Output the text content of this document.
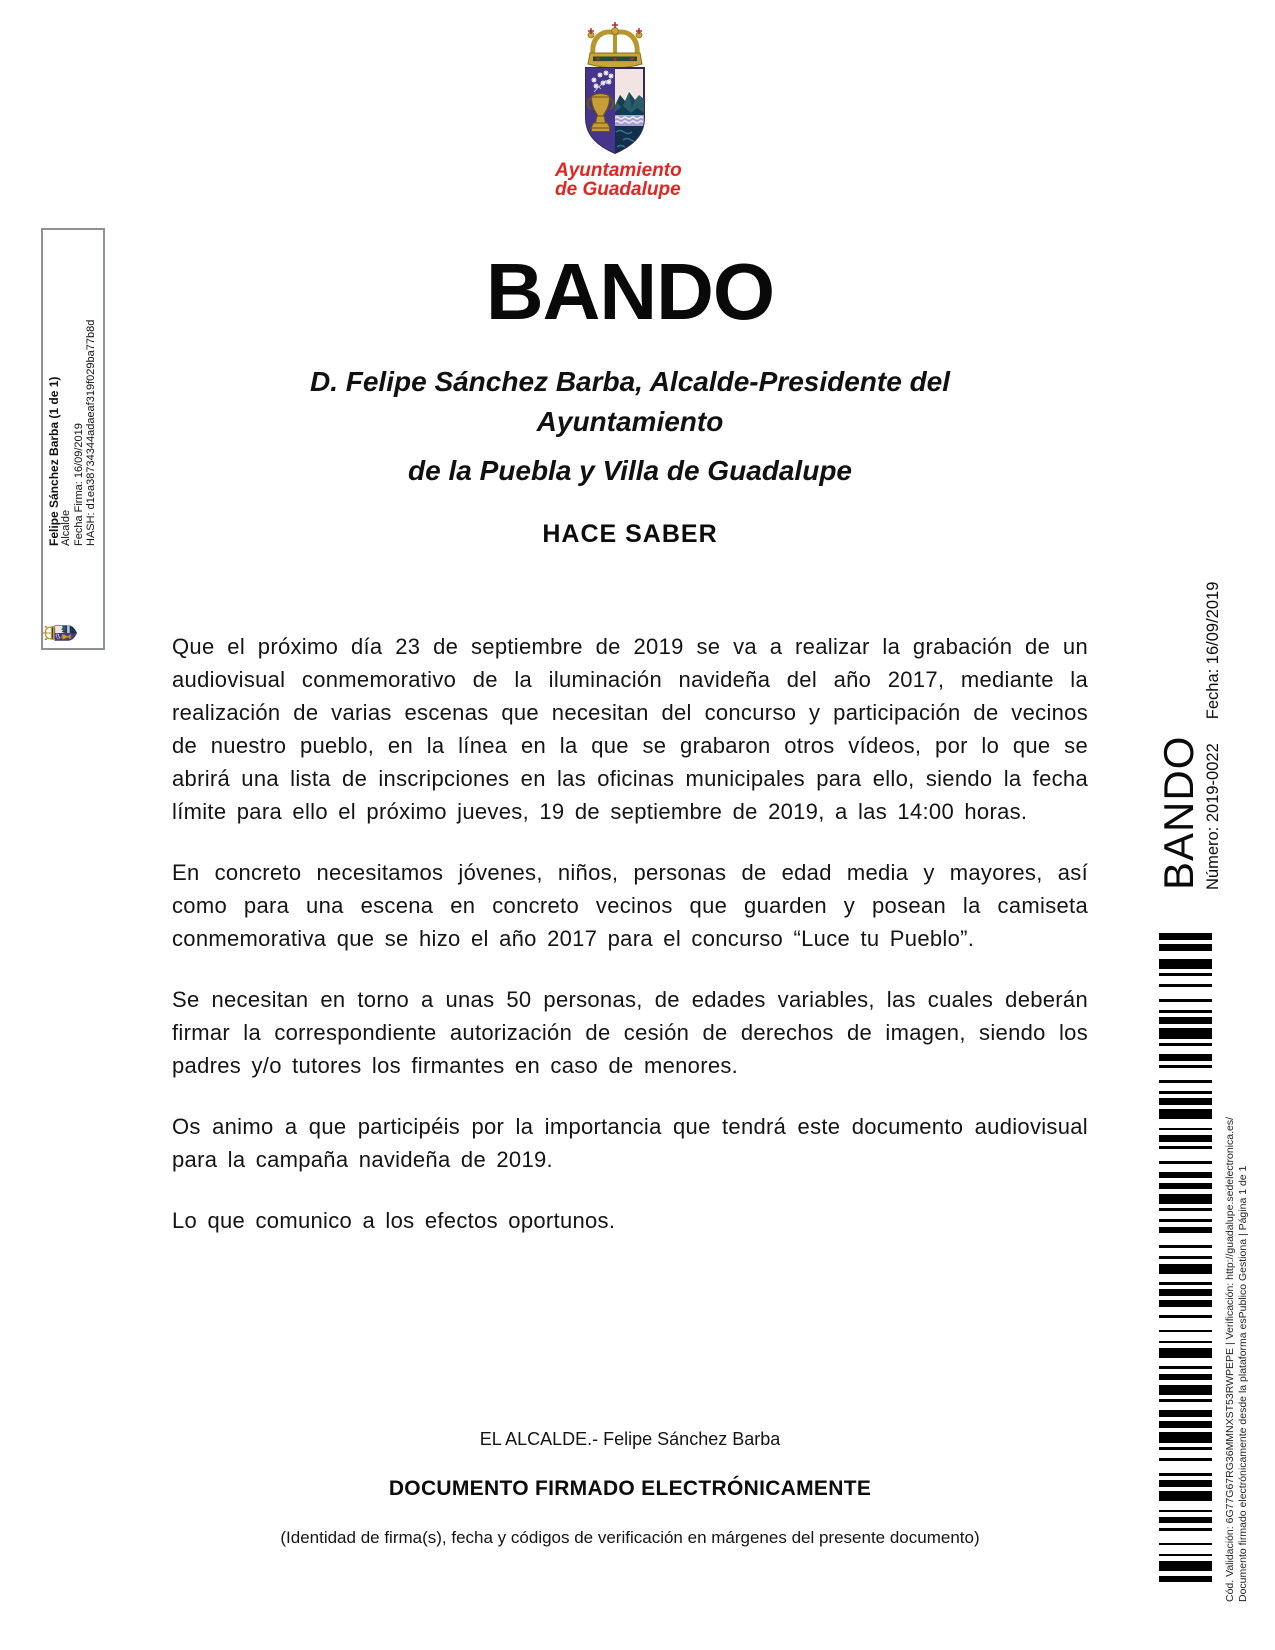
Ayuntamiento
de Guadalupe
BANDO
D. Felipe Sánchez Barba, Alcalde-Presidente del Ayuntamiento
de la Puebla y Villa de Guadalupe
HACE SABER

Que el próximo día 23 de septiembre de 2019 se va a realizar la grabación de un audiovisual conmemorativo de la iluminación navideña del año 2017, mediante la realización de varias escenas que necesitan del concurso y participación de vecinos de nuestro pueblo, en la línea en la que se grabaron otros vídeos, por lo que se abrirá una lista de inscripciones en las oficinas municipales para ello, siendo la fecha límite para ello el próximo jueves, 19 de septiembre de 2019, a las 14:00 horas.

En concreto necesitamos jóvenes, niños, personas de edad media y mayores, así como para una escena en concreto vecinos que guarden y posean la camiseta conmemorativa que se hizo el año 2017 para el concurso “Luce tu Pueblo”.

Se necesitan en torno a unas 50 personas, de edades variables, las cuales deberán firmar la correspondiente autorización de cesión de derechos de imagen, siendo los padres y/o tutores los firmantes en caso de menores.

Os animo a que participéis por la importancia que tendrá este documento audiovisual para la campaña navideña de 2019.

Lo que comunico a los efectos oportunos.

EL ALCALDE.- Felipe Sánchez Barba
DOCUMENTO FIRMADO ELECTRÓNICAMENTE
(Identidad de firma(s), fecha y códigos de verificación en márgenes del presente documento)
Felipe Sánchez Barba (1 de 1) Alcalde Fecha Firma: 16/09/2019 HASH: d1ea38734344adaeaf319f029ba77b8d
BANDO Número: 2019-0022Fecha: 16/09/2019
Cód. Validación: 6G77G67RG36MMNXST53RWPEPE | Verificación: http://guadalupe.sedelectronica.es/ Documento firmado electrónicamente desde la plataforma esPublico Gestiona | Página 1 de 1
